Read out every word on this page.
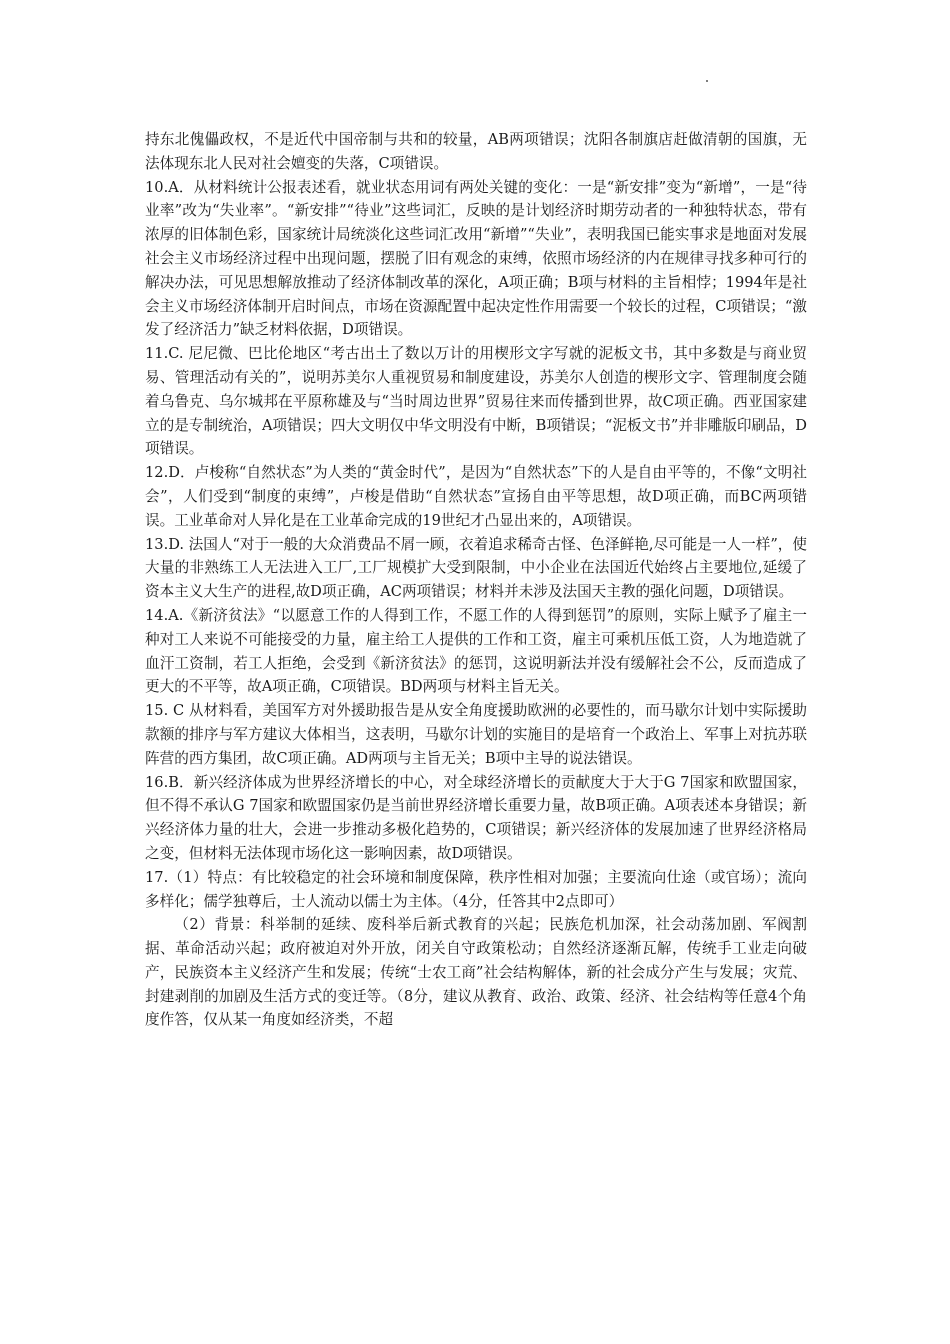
持东北傀儡政权，不是近代中国帝制与共和的较量，AB两项错误；沈阳各制旗店赶做清朝的国旗，无法体现东北人民对社会嬗变的失落，C项错误。

10.A．从材料统计公报表述看，就业状态用词有两处关键的变化：一是“新安排”变为“新增”，一是“待业率”改为“失业率”。“新安排”“待业”这些词汇，反映的是计划经济时期劳动者的一种独特状态，带有浓厚的旧体制色彩，国家统计局统淡化这些词汇改用“新增”“失业”，表明我国已能实事求是地面对发展社会主义市场经济过程中出现问题，摆脱了旧有观念的束缚，依照市场经济的内在规律寻找多种可行的解决办法，可见思想解放推动了经济体制改革的深化，A项正确；B项与材料的主旨相悖；1994年是社会主义市场经济体制开启时间点，市场在资源配置中起决定性作用需要一个较长的过程，C项错误；“激发了经济活力”缺乏材料依据，D项错误。

11.C. 尼尼微、巴比伦地区“考古出土了数以万计的用楔形文字写就的泥板文书，其中多数是与商业贸易、管理活动有关的”，说明苏美尔人重视贸易和制度建设，苏美尔人创造的楔形文字、管理制度会随着乌鲁克、乌尔城邦在平原称雄及与“当时周边世界”贸易往来而传播到世界，故C项正确。西亚国家建立的是专制统治，A项错误；四大文明仅中华文明没有中断，B项错误；“泥板文书”并非雕版印刷品，D项错误。

12.D．卢梭称“自然状态”为人类的“黄金时代”，是因为“自然状态”下的人是自由平等的，不像“文明社会”，人们受到“制度的束缚”，卢梭是借助“自然状态”宣扬自由平等思想，故D项正确，而BC两项错误。工业革命对人异化是在工业革命完成的19世纪才凸显出来的，A项错误。

13.D. 法国人“对于一般的大众消费品不屑一顾，衣着追求稀奇古怪、色泽鲜艳,尽可能是一人一样”，使大量的非熟练工人无法进入工厂,工厂规模扩大受到限制，中小企业在法国近代始终占主要地位,延缓了资本主义大生产的进程,故D项正确，AC两项错误；材料并未涉及法国天主教的强化问题，D项错误。

14.A.《新济贫法》“以愿意工作的人得到工作，不愿工作的人得到惩罚”的原则，实际上赋予了雇主一种对工人来说不可能接受的力量，雇主给工人提供的工作和工资，雇主可乘机压低工资，人为地造就了血汗工资制，若工人拒绝，会受到《新济贫法》的惩罚，这说明新法并没有缓解社会不公，反而造成了更大的不平等，故A项正确，C项错误。BD两项与材料主旨无关。

15. C 从材料看，美国军方对外援助报告是从安全角度援助欧洲的必要性的，而马歇尔计划中实际援助款额的排序与军方建议大体相当，这表明，马歇尔计划的实施目的是培育一个政治上、军事上对抗苏联阵营的西方集团，故C项正确。AD两项与主旨无关；B项中主导的说法错误。

16.B．新兴经济体成为世界经济增长的中心，对全球经济增长的贡献度大于大于G 7国家和欧盟国家，但不得不承认G 7国家和欧盟国家仍是当前世界经济增长重要力量，故B项正确。A项表述本身错误；新兴经济体力量的壮大，会进一步推动多极化趋势的，C项错误；新兴经济体的发展加速了世界经济格局之变，但材料无法体现市场化这一影响因素，故D项错误。

17.（1）特点：有比较稳定的社会环境和制度保障，秩序性相对加强；主要流向仕途（或官场）；流向多样化；儒学独尊后，士人流动以儒士为主体。（4分，任答其中2点即可）

（2）背景：科举制的延续、废科举后新式教育的兴起；民族危机加深，社会动荡加剧、军阀割据、革命活动兴起；政府被迫对外开放，闭关自守政策松动；自然经济逐渐瓦解，传统手工业走向破产，民族资本主义经济产生和发展；传统“士农工商”社会结构解体，新的社会成分产生与发展；灾荒、封建剥削的加剧及生活方式的变迁等。（8分，建议从教育、政治、政策、经济、社会结构等任意4个角度作答，仅从某一角度如经济类，不超
